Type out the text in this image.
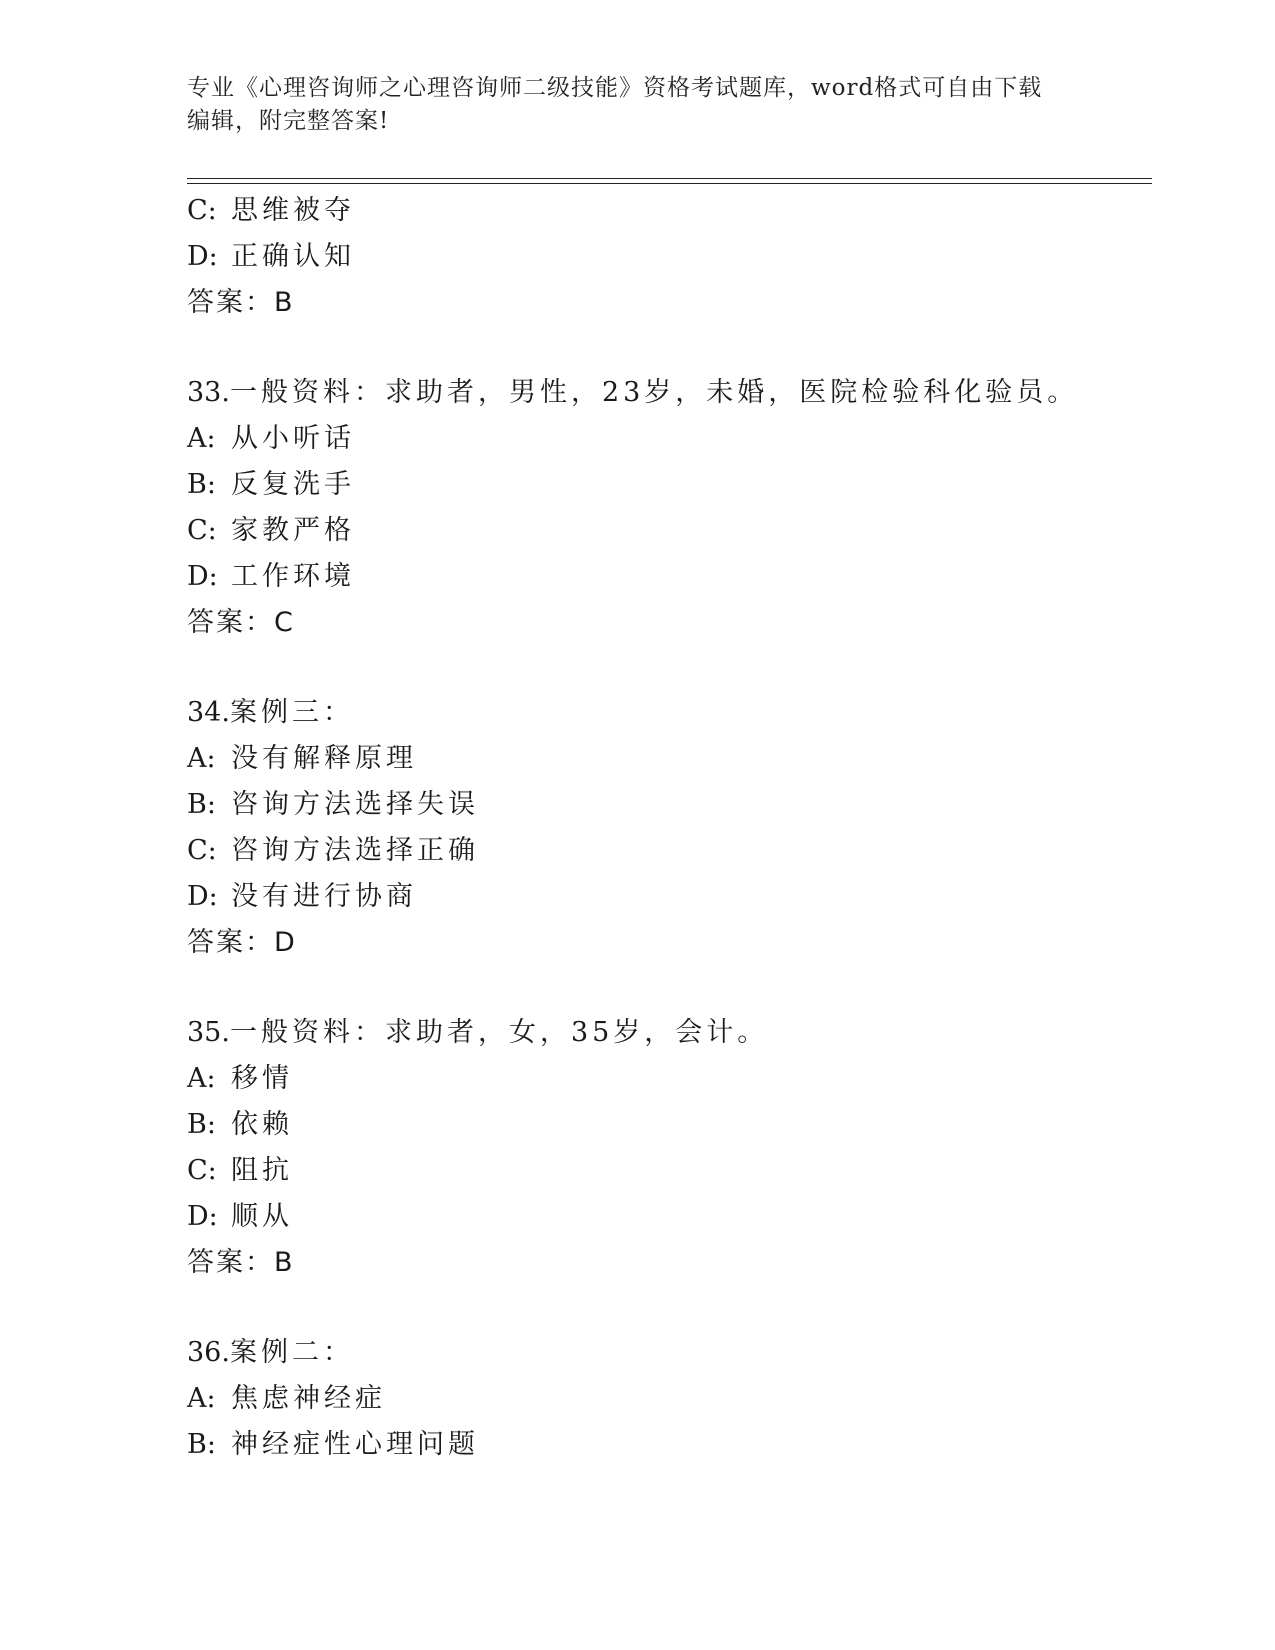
专业《心理咨询师之心理咨询师二级技能》资格考试题库，word格式可自由下载
编辑，附完整答案!
C: 思维被夺
D: 正确认知
答案：B
33.一般资料：求助者，男性，23岁，未婚，医院检验科化验员。
A: 从小听话
B: 反复洗手
C: 家教严格
D: 工作环境
答案：C
34.案例三：
A: 没有解释原理
B: 咨询方法选择失误
C: 咨询方法选择正确
D: 没有进行协商
答案：D
35.一般资料：求助者，女，35岁，会计。
A: 移情
B: 依赖
C: 阻抗
D: 顺从
答案：B
36.案例二：
A: 焦虑神经症
B: 神经症性心理问题
